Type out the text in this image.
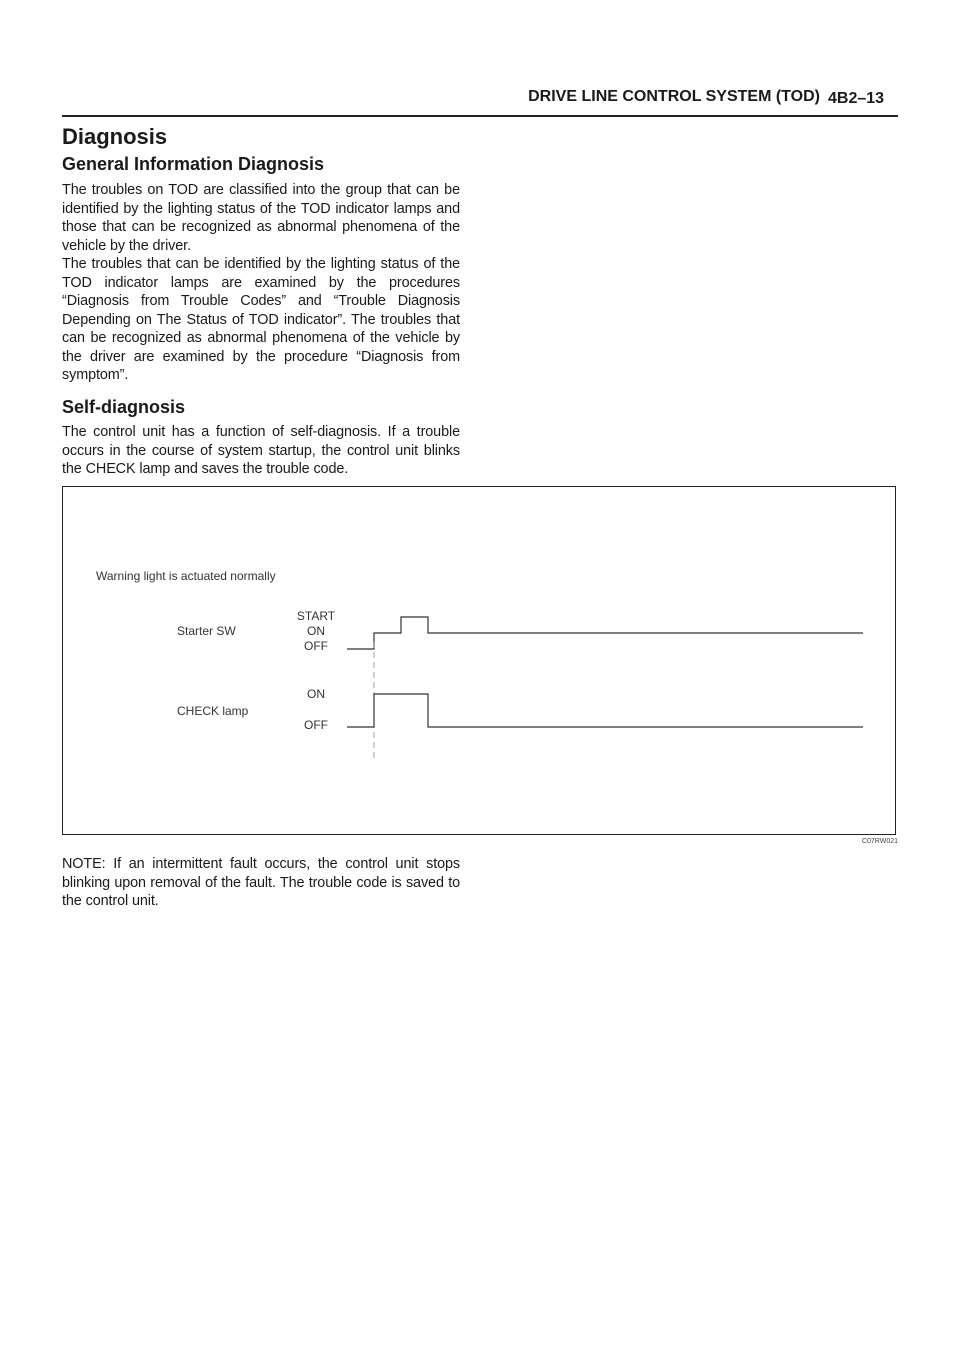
DRIVE LINE CONTROL SYSTEM (TOD) 4B2–13
Diagnosis
General Information Diagnosis

The troubles on TOD are classified into the group that can be identified by the lighting status of the TOD indicator lamps and those that can be recognized as abnormal phenomena of the vehicle by the driver.

The troubles that can be identified by the lighting status of the TOD indicator lamps are examined by the procedures “Diagnosis from Trouble Codes” and “Trouble Diagnosis Depending on The Status of TOD indicator”. The troubles that can be recognized as abnormal phenomena of the vehicle by the driver are examined by the procedure “Diagnosis from symptom”.

Self-diagnosis

The control unit has a function of self-diagnosis. If a trouble occurs in the course of system startup, the control unit blinks the CHECK lamp and saves the trouble code.

Warning light is actuated normally
Starter SW
START
ON
OFF
CHECK lamp
ON
OFF
C07RW021

NOTE: If an intermittent fault occurs, the control unit stops blinking upon removal of the fault. The trouble code is saved to the control unit.
